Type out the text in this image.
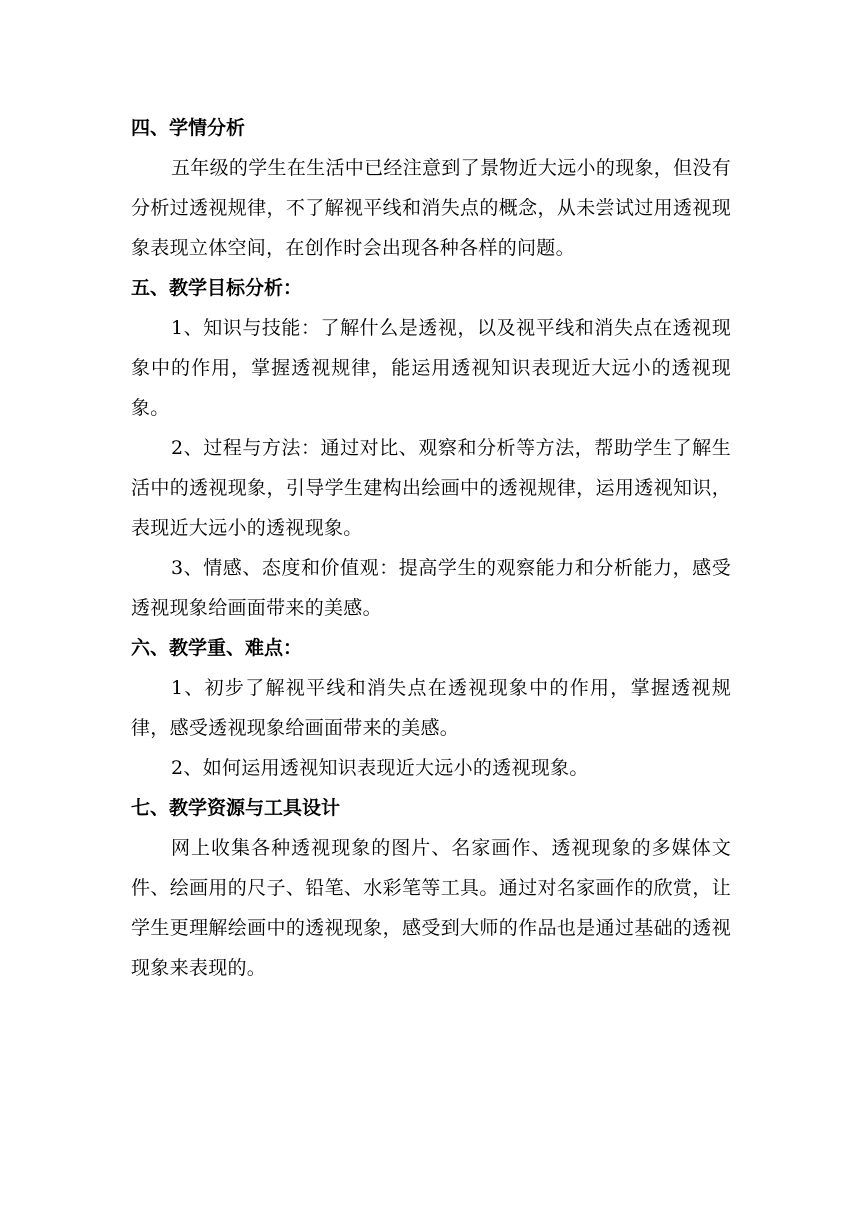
四、学情分析

五年级的学生在生活中已经注意到了景物近大远小的现象，但没有分析过透视规律，不了解视平线和消失点的概念，从未尝试过用透视现象表现立体空间，在创作时会出现各种各样的问题。

五、教学目标分析：

1、知识与技能：了解什么是透视，以及视平线和消失点在透视现象中的作用，掌握透视规律，能运用透视知识表现近大远小的透视现象。

2、过程与方法：通过对比、观察和分析等方法，帮助学生了解生活中的透视现象，引导学生建构出绘画中的透视规律，运用透视知识，表现近大远小的透视现象。

3、情感、态度和价值观：提高学生的观察能力和分析能力，感受透视现象给画面带来的美感。

六、教学重、难点：

1、初步了解视平线和消失点在透视现象中的作用，掌握透视规律，感受透视现象给画面带来的美感。

2、如何运用透视知识表现近大远小的透视现象。

七、教学资源与工具设计

网上收集各种透视现象的图片、名家画作、透视现象的多媒体文件、绘画用的尺子、铅笔、水彩笔等工具。通过对名家画作的欣赏，让学生更理解绘画中的透视现象，感受到大师的作品也是通过基础的透视现象来表现的。
